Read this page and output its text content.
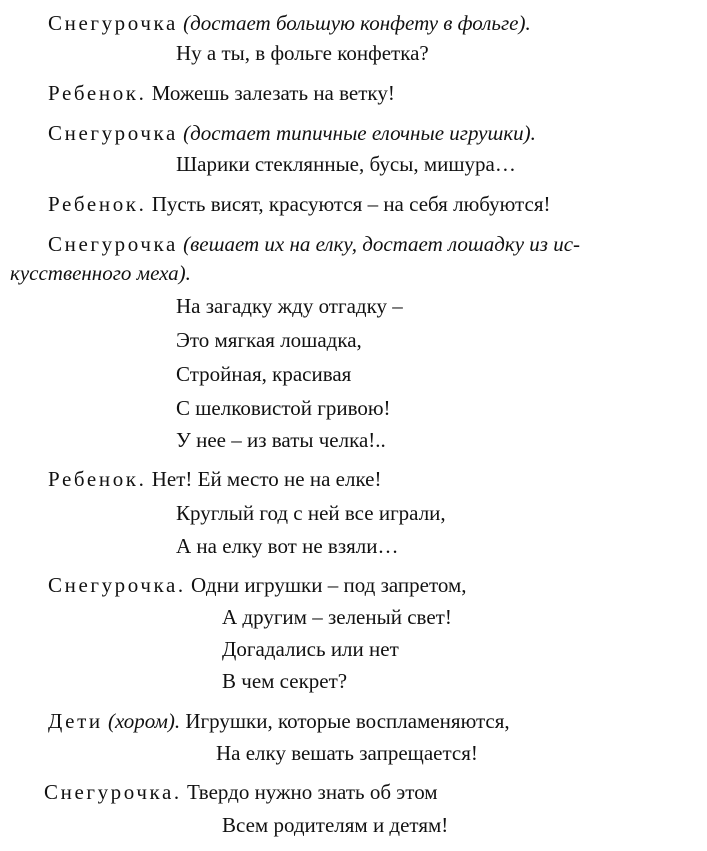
Снегурочка (достает большую конфету в фольге).
Ну а ты, в фольге конфетка?
Ребенок. Можешь залезать на ветку!
Снегурочка (достает типичные елочные игрушки).
Шарики стеклянные, бусы, мишура…
Ребенок. Пусть висят, красуются – на себя любуются!
Снегурочка (вешает их на елку, достает лошадку из ис-
кусственного меха).
На загадку жду отгадку –
Это мягкая лошадка,
Стройная, красивая
С шелковистой гривою!
У нее – из ваты челка!..
Ребенок. Нет! Ей место не на елке!
Круглый год с ней все играли,
А на елку вот не взяли…
Снегурочка. Одни игрушки – под запретом,
А другим – зеленый свет!
Догадались или нет
В чем секрет?
Дети (хором). Игрушки, которые воспламеняются,
На елку вешать запрещается!
Снегурочка. Твердо нужно знать об этом
Всем родителям и детям!
